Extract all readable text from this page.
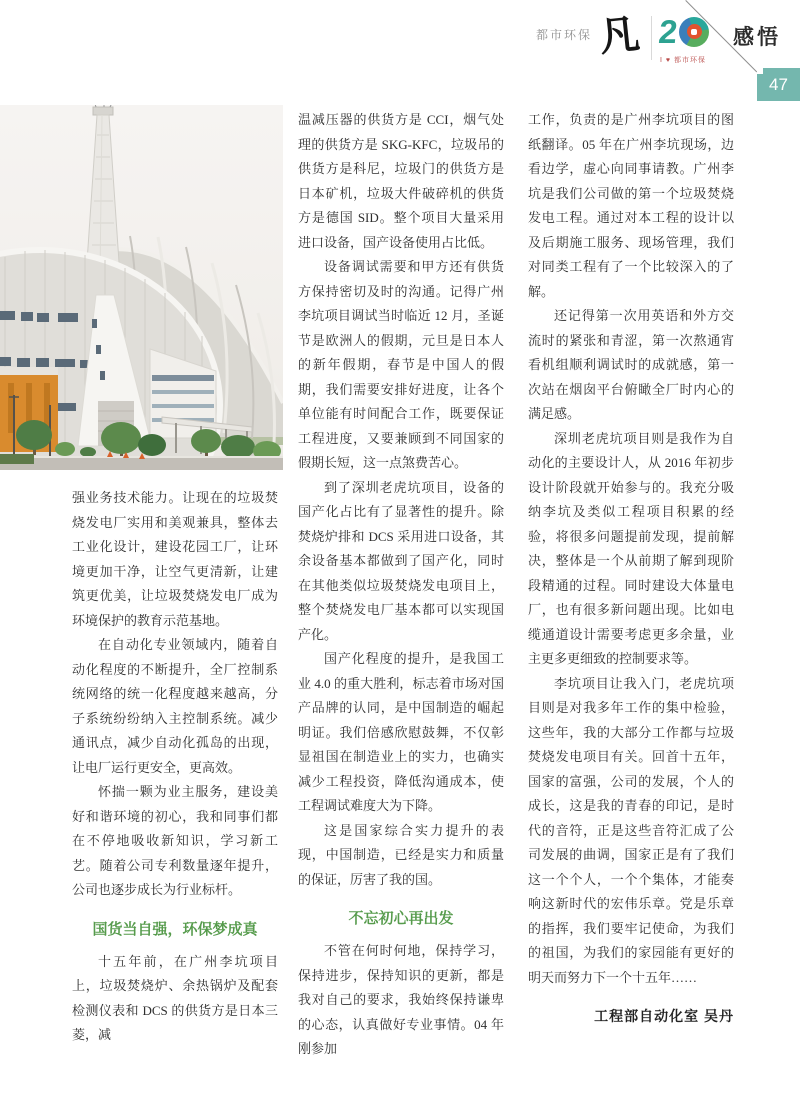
都市环保 凡 2
I ♥ 都市环保
感悟
47

强业务技术能力。让现在的垃圾焚烧发电厂实用和美观兼具，整体去工业化设计，建设花园工厂，让环境更加干净，让空气更清新，让建筑更优美，让垃圾焚烧发电厂成为环境保护的教育示范基地。

在自动化专业领域内，随着自动化程度的不断提升，全厂控制系统网络的统一化程度越来越高，分子系统纷纷纳入主控制系统。减少通讯点，减少自动化孤岛的出现，让电厂运行更安全，更高效。

怀揣一颗为业主服务，建设美好和谐环境的初心，我和同事们都在不停地吸收新知识，学习新工艺。随着公司专利数量逐年提升，公司也逐步成长为行业标杆。

国货当自强，环保梦成真

十五年前，在广州李坑项目上，垃圾焚烧炉、余热锅炉及配套检测仪表和 DCS 的供货方是日本三菱，减

温减压器的供货方是 CCI，烟气处理的供货方是 SKG-KFC，垃圾吊的供货方是科尼，垃圾门的供货方是日本矿机，垃圾大件破碎机的供货方是德国 SID。整个项目大量采用进口设备，国产设备使用占比低。

设备调试需要和甲方还有供货方保持密切及时的沟通。记得广州李坑项目调试当时临近 12 月，圣诞节是欧洲人的假期，元旦是日本人的新年假期，春节是中国人的假期，我们需要安排好进度，让各个单位能有时间配合工作，既要保证工程进度，又要兼顾到不同国家的假期长短，这一点煞费苦心。

到了深圳老虎坑项目，设备的国产化占比有了显著性的提升。除焚烧炉排和 DCS 采用进口设备，其余设备基本都做到了国产化，同时在其他类似垃圾焚烧发电项目上，整个焚烧发电厂基本都可以实现国产化。

国产化程度的提升，是我国工业 4.0 的重大胜利，标志着市场对国产品牌的认同，是中国制造的崛起明证。我们倍感欣慰鼓舞，不仅彰显祖国在制造业上的实力，也确实减少工程投资，降低沟通成本，使工程调试难度大为下降。

这是国家综合实力提升的表现，中国制造，已经是实力和质量的保证，厉害了我的国。

不忘初心再出发

不管在何时何地，保持学习，保持进步，保持知识的更新，都是我对自己的要求，我始终保持谦卑的心态，认真做好专业事情。04 年刚参加

工作，负责的是广州李坑项目的图纸翻译。05 年在广州李坑现场，边看边学，虚心向同事请教。广州李坑是我们公司做的第一个垃圾焚烧发电工程。通过对本工程的设计以及后期施工服务、现场管理，我们对同类工程有了一个比较深入的了解。

还记得第一次用英语和外方交流时的紧张和青涩，第一次熬通宵看机组顺利调试时的成就感，第一次站在烟囱平台俯瞰全厂时内心的满足感。

深圳老虎坑项目则是我作为自动化的主要设计人，从 2016 年初步设计阶段就开始参与的。我充分吸纳李坑及类似工程项目积累的经验，将很多问题提前发现，提前解决，整体是一个从前期了解到现阶段精通的过程。同时建设大体量电厂，也有很多新问题出现。比如电缆通道设计需要考虑更多余量，业主更多更细致的控制要求等。

李坑项目让我入门，老虎坑项目则是对我多年工作的集中检验，这些年，我的大部分工作都与垃圾焚烧发电项目有关。回首十五年，国家的富强，公司的发展，个人的成长，这是我的青春的印记，是时代的音符，正是这些音符汇成了公司发展的曲调，国家正是有了我们这一个个人，一个个集体，才能奏响这新时代的宏伟乐章。党是乐章的指挥，我们要牢记使命，为我们的祖国，为我们的家园能有更好的明天而努力下一个十五年……

工程部自动化室 吴丹
